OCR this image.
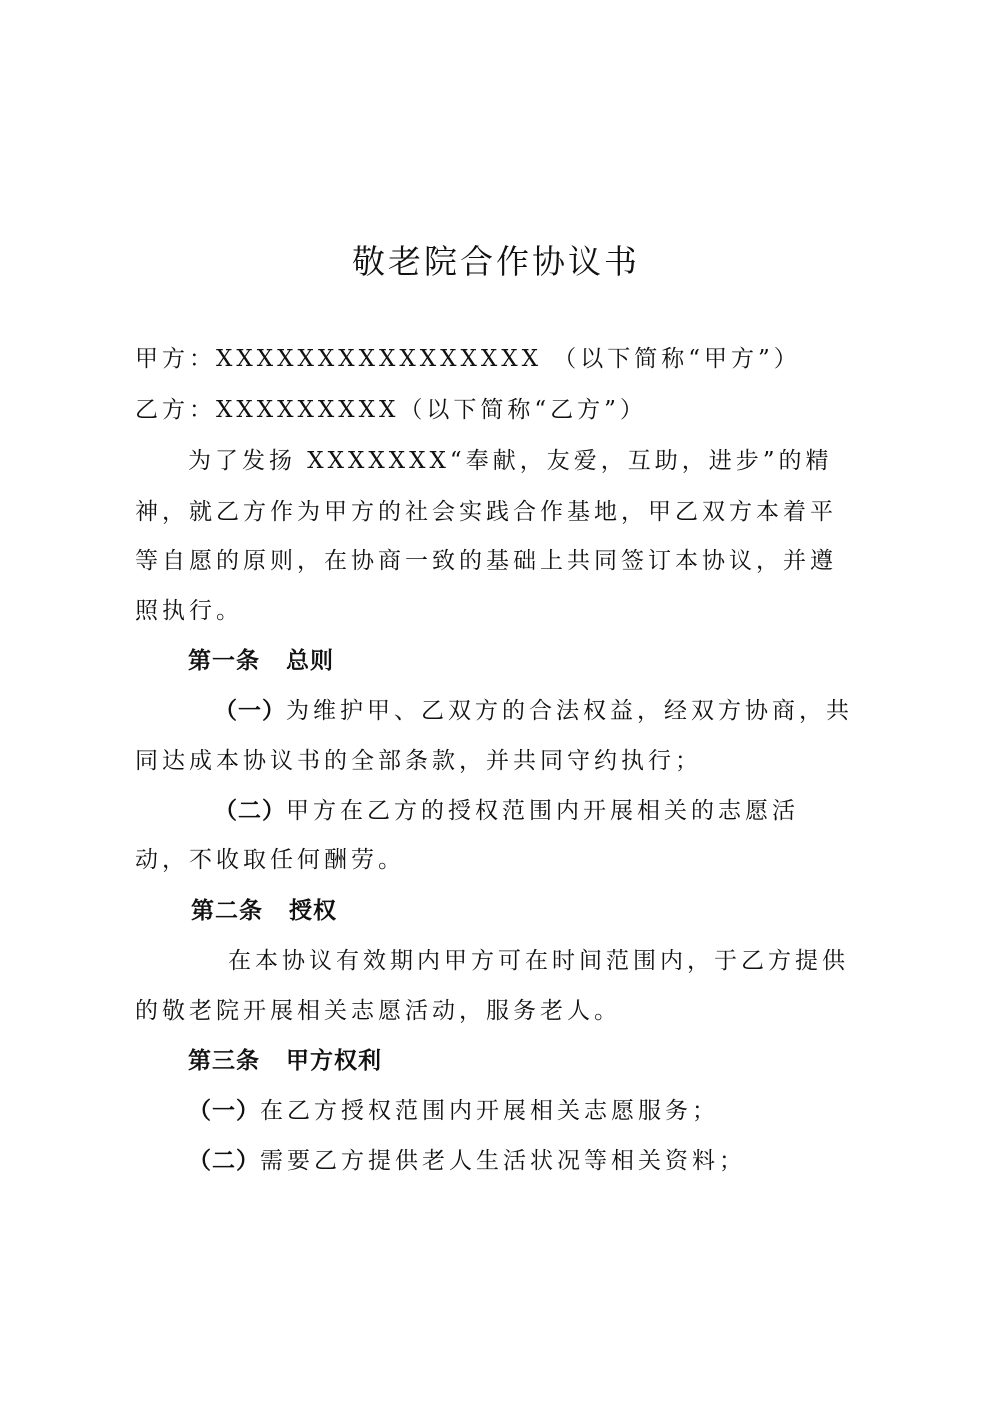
敬老院合作协议书
甲方：XXXXXXXXXXXXXXXX （以下简称“甲方”）
乙方：XXXXXXXXX（以下简称“乙方”）
为了发扬 XXXXXXX“奉献，友爱，互助，进步”的精
神，就乙方作为甲方的社会实践合作基地，甲乙双方本着平
等自愿的原则，在协商一致的基础上共同签订本协议，并遵
照执行。
第一条 总则
（一）为维护甲、乙双方的合法权益，经双方协商，共
同达成本协议书的全部条款，并共同守约执行；
（二）甲方在乙方的授权范围内开展相关的志愿活
动，不收取任何酬劳。
第二条 授权
在本协议有效期内甲方可在时间范围内，于乙方提供
的敬老院开展相关志愿活动，服务老人。
第三条 甲方权利
（一）在乙方授权范围内开展相关志愿服务；
（二）需要乙方提供老人生活状况等相关资料；
